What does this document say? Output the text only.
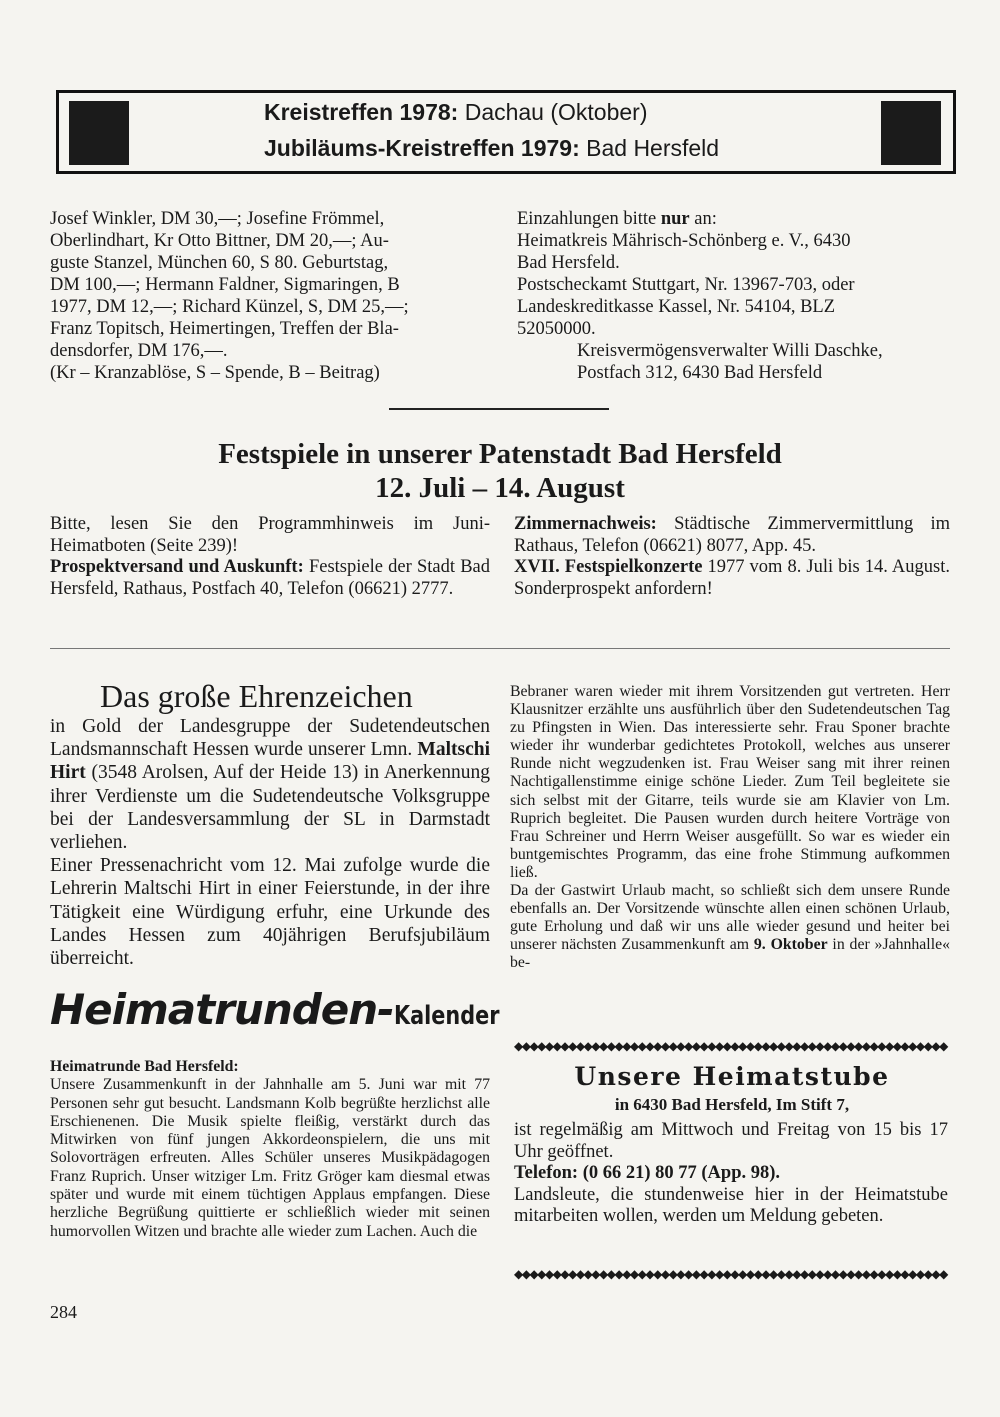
Kreistreffen 1978: Dachau (Oktober)
Jubiläums-Kreistreffen 1979: Bad Hersfeld
Josef Winkler, DM 30,—; Josefine Frömmel,
Oberlindhart, Kr Otto Bittner, DM 20,—; Au-
guste Stanzel, München 60, S 80. Geburtstag,
DM 100,—; Hermann Faldner, Sigmaringen, B
1977, DM 12,—; Richard Künzel, S, DM 25,—;
Franz Topitsch, Heimertingen, Treffen der Bla-
densdorfer, DM 176,—.
(Kr – Kranzablöse, S – Spende, B – Beitrag)
Einzahlungen bitte nur an:
Heimatkreis Mährisch-Schönberg e. V., 6430
Bad Hersfeld.
Postscheckamt Stuttgart, Nr. 13967-703, oder
Landeskreditkasse Kassel, Nr. 54104, BLZ
52050000.
Kreisvermögensverwalter Willi Daschke,
Postfach 312, 6430 Bad Hersfeld
Festspiele in unserer Patenstadt Bad Hersfeld
12. Juli – 14. August

Bitte, lesen Sie den Programmhinweis im Juni-Heimatboten (Seite 239)!

Prospektversand und Auskunft: Festspiele der Stadt Bad Hersfeld, Rathaus, Postfach 40, Telefon (06621) 2777.

Zimmernachweis: Städtische Zimmervermittlung im Rathaus, Telefon (06621) 8077, App. 45.

XVII. Festspielkonzerte 1977 vom 8. Juli bis 14. August. Sonderprospekt anfordern!

Das große Ehrenzeichen

in Gold der Landesgruppe der Sudetendeutschen Landsmannschaft Hessen wurde unserer Lmn. Maltschi Hirt (3548 Arolsen, Auf der Heide 13) in Anerkennung ihrer Verdienste um die Sudetendeutsche Volksgruppe bei der Landesversammlung der SL in Darmstadt verliehen.

Einer Pressenachricht vom 12. Mai zufolge wurde die Lehrerin Maltschi Hirt in einer Feierstunde, in der ihre Tätigkeit eine Würdigung erfuhr, eine Urkunde des Landes Hessen zum 40jährigen Berufsjubiläum überreicht.

Heimatrunden-Kalender

Heimatrunde Bad Hersfeld:

Unsere Zusammenkunft in der Jahnhalle am 5. Juni war mit 77 Personen sehr gut besucht. Landsmann Kolb begrüßte herzlichst alle Erschienenen. Die Musik spielte fleißig, verstärkt durch das Mitwirken von fünf jungen Akkordeonspielern, die uns mit Solovorträgen erfreuten. Alles Schüler unseres Musikpädagogen Franz Ruprich. Unser witziger Lm. Fritz Gröger kam diesmal etwas später und wurde mit einem tüchtigen Applaus empfangen. Diese herzliche Begrüßung quittierte er schließlich wieder mit seinen humorvollen Witzen und brachte alle wieder zum Lachen. Auch die

Bebraner waren wieder mit ihrem Vorsitzenden gut vertreten. Herr Klausnitzer erzählte uns ausführlich über den Sudetendeutschen Tag zu Pfingsten in Wien. Das interessierte sehr. Frau Sponer brachte wieder ihr wunderbar gedichtetes Protokoll, welches aus unserer Runde nicht wegzudenken ist. Frau Weiser sang mit ihrer reinen Nachtigallenstimme einige schöne Lieder. Zum Teil begleitete sie sich selbst mit der Gitarre, teils wurde sie am Klavier von Lm. Ruprich begleitet. Die Pausen wurden durch heitere Vorträge von Frau Schreiner und Herrn Weiser ausgefüllt. So war es wieder ein buntgemischtes Programm, das eine frohe Stimmung aufkommen ließ.

Da der Gastwirt Urlaub macht, so schließt sich dem unsere Runde ebenfalls an. Der Vorsitzende wünschte allen einen schönen Urlaub, gute Erholung und daß wir uns alle wieder gesund und heiter bei unserer nächsten Zusammenkunft am 9. Oktober in der »Jahnhalle« be-

◆◆◆◆◆◆◆◆◆◆◆◆◆◆◆◆◆◆◆◆◆◆◆◆◆◆◆◆◆◆◆◆◆◆◆◆◆◆◆◆◆◆◆◆◆◆◆◆◆◆◆◆◆◆◆◆
Unsere Heimatstube
in 6430 Bad Hersfeld, Im Stift 7,

ist regelmäßig am Mittwoch und Freitag von 15 bis 17 Uhr geöffnet.

Telefon: (0 66 21) 80 77 (App. 98).

Landsleute, die stundenweise hier in der Heimatstube mitarbeiten wollen, werden um Meldung gebeten.

◆◆◆◆◆◆◆◆◆◆◆◆◆◆◆◆◆◆◆◆◆◆◆◆◆◆◆◆◆◆◆◆◆◆◆◆◆◆◆◆◆◆◆◆◆◆◆◆◆◆◆◆◆◆◆◆
284
